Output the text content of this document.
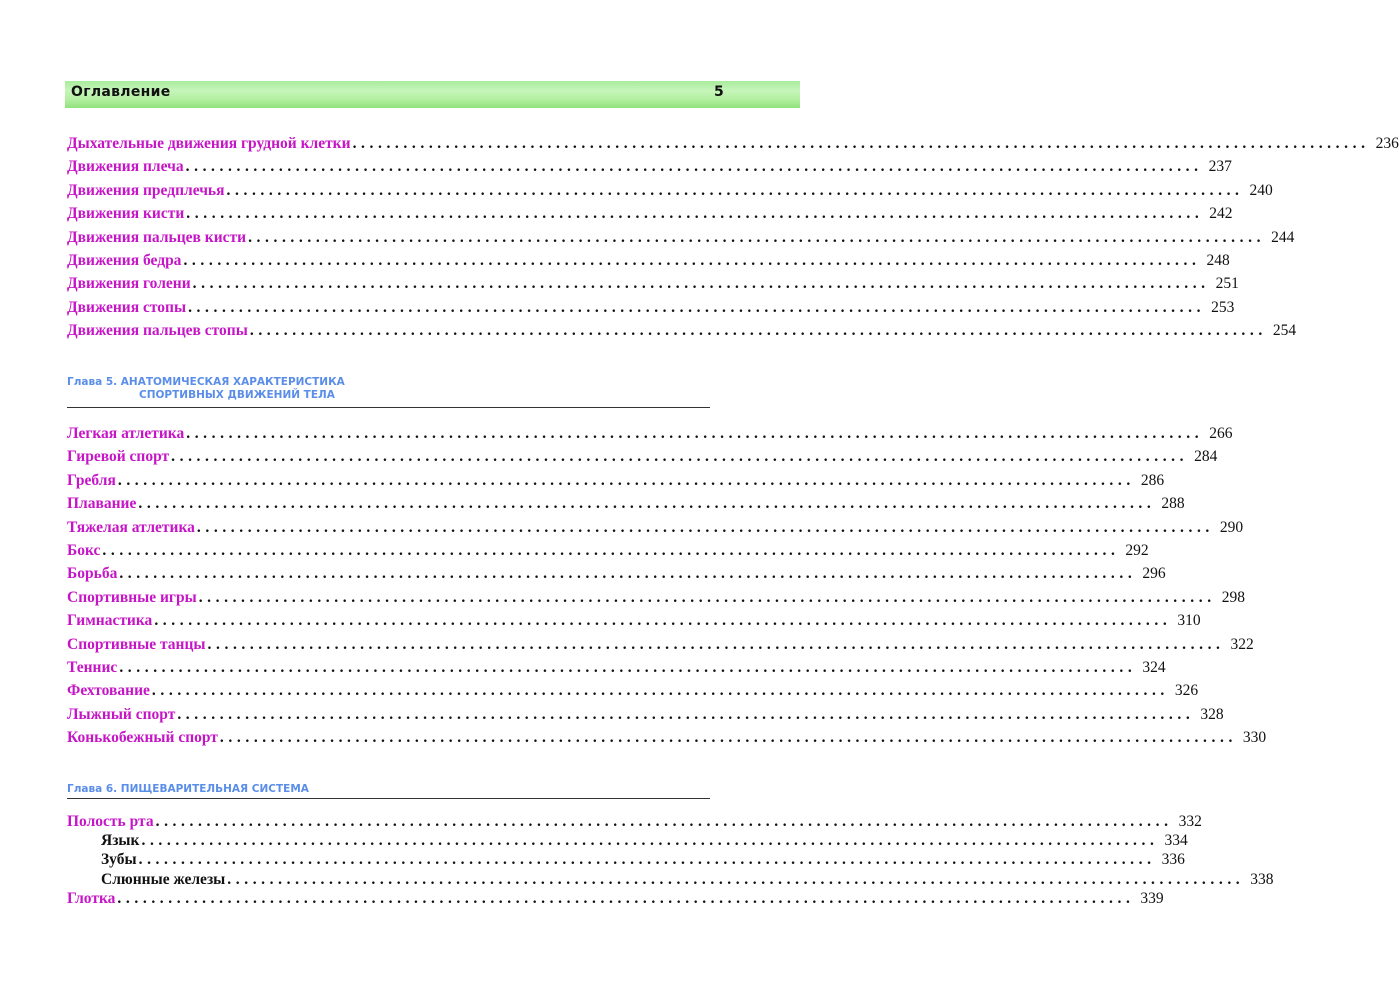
Оглавление	5
Дыхательные движения грудной клетки ........................................................................................................................ 236
Движения плеча ........................................................................................................................ 237
Движения предплечья ........................................................................................................................ 240
Движения кисти ........................................................................................................................ 242
Движения пальцев кисти ........................................................................................................................ 244
Движения бедра ........................................................................................................................ 248
Движения голени ........................................................................................................................ 251
Движения стопы ........................................................................................................................ 253
Движения пальцев стопы ........................................................................................................................ 254
Глава 5. АНАТОМИЧЕСКАЯ ХАРАКТЕРИСТИКА
СПОРТИВНЫХ ДВИЖЕНИЙ ТЕЛА
Легкая атлетика ........................................................................................................................ 266
Гиревой спорт ........................................................................................................................ 284
Гребля ........................................................................................................................ 286
Плавание ........................................................................................................................ 288
Тяжелая атлетика ........................................................................................................................ 290
Бокс ........................................................................................................................ 292
Борьба ........................................................................................................................ 296
Спортивные игры ........................................................................................................................ 298
Гимнастика ........................................................................................................................ 310
Спортивные танцы ........................................................................................................................ 322
Теннис ........................................................................................................................ 324
Фехтование ........................................................................................................................ 326
Лыжный спорт ........................................................................................................................ 328
Конькобежный спорт ........................................................................................................................ 330
Глава 6. ПИЩЕВАРИТЕЛЬНАЯ СИСТЕМА
Полость рта ........................................................................................................................ 332
Язык ........................................................................................................................ 334
Зубы ........................................................................................................................ 336
Слюнные железы ........................................................................................................................ 338
Глотка ........................................................................................................................ 339
